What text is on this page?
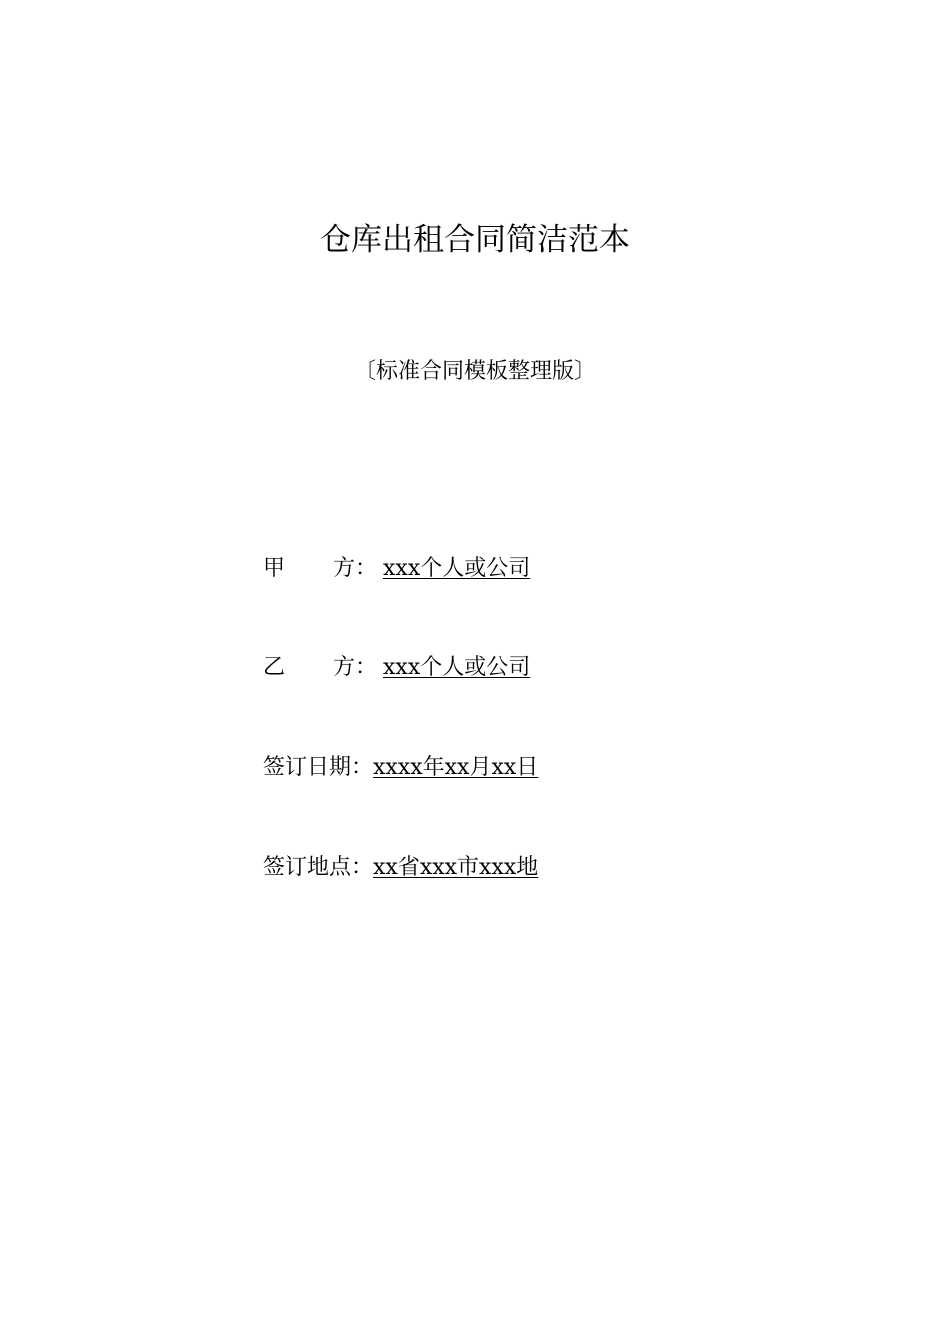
仓库出租合同简洁范本
〔标准合同模板整理版〕
甲 方： xxx个人或公司
乙 方： xxx个人或公司
签订日期：xxxx年xx月xx日
签订地点：xx省xxx市xxx地
